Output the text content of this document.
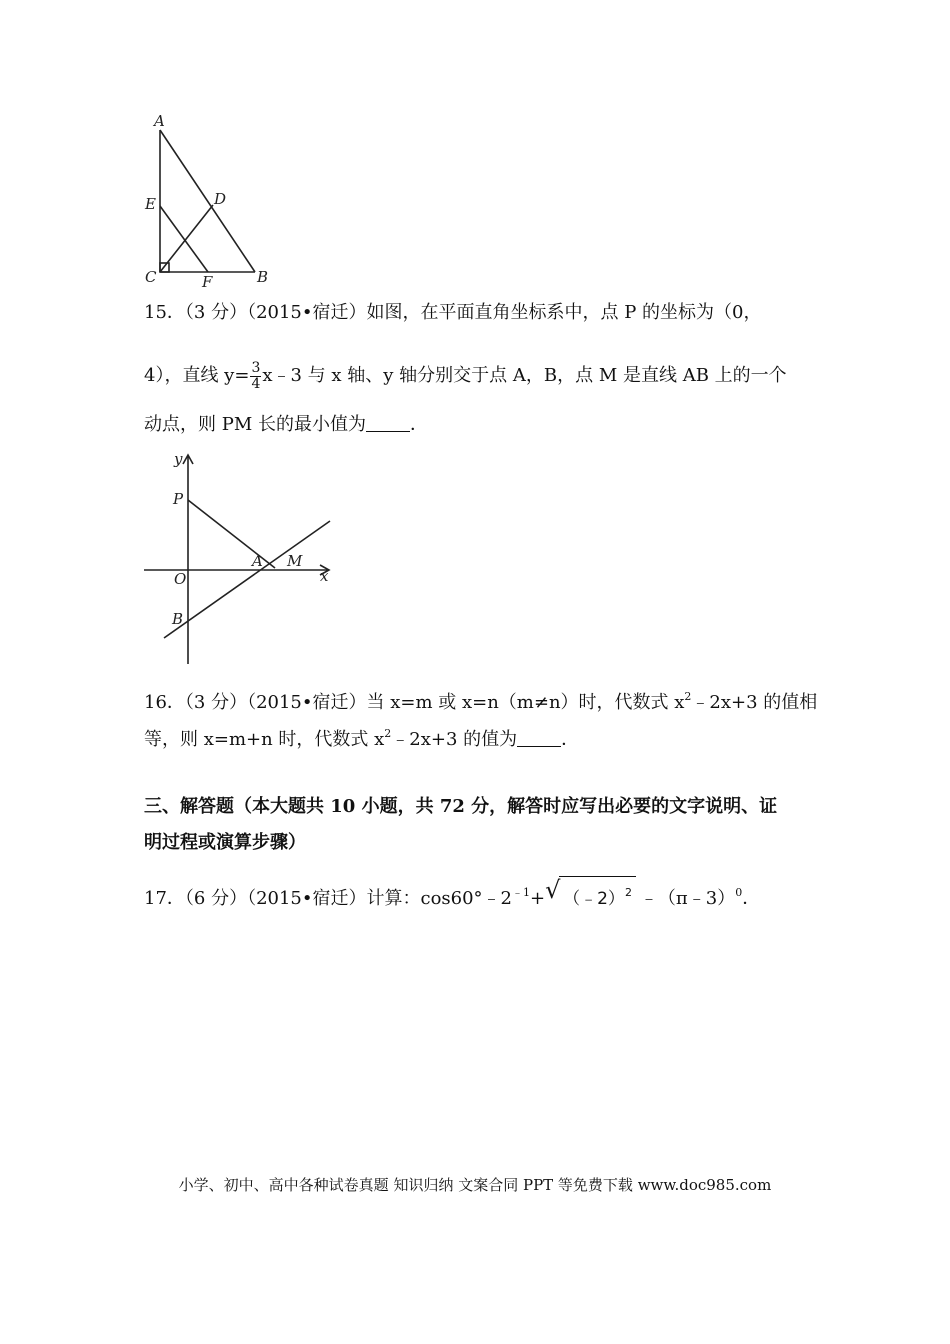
A
E	D
C	F	B
15．（3 分）（2015•宿迁）如图，在平面直角坐标系中，点 P 的坐标为（0，
4），直线 $y= \frac{3}{4}$ x﹣3 与 x 轴、y 轴分别交于点 A，B，点 M 是直线 AB 上的一个
动点，则 PM 长的最小值为 ．
y
P
A M
x
O
B
16．（3 分）（2015•宿迁）当 x=m 或 x=n（m≠n）时，代数式 $x^2﹣2x+3$ 的值相
等，则 x=m+n 时，代数式 $x^2﹣2x+3$ 的值为 ．
三、解答题（本大题共 10 小题，共 72 分，解答时应写出必要的文字说明、证
明过程或演算步骤）
17．（6 分）（2015•宿迁）计算：$\cos 60^\circ﹣2^{﹣1}+$ √ （﹣2）$^2$ ﹣（π﹣3）$^0$．
小学、初中、高中各种试卷真题 知识归纳 文案合同 PPT 等免费下载 www.doc985.com
